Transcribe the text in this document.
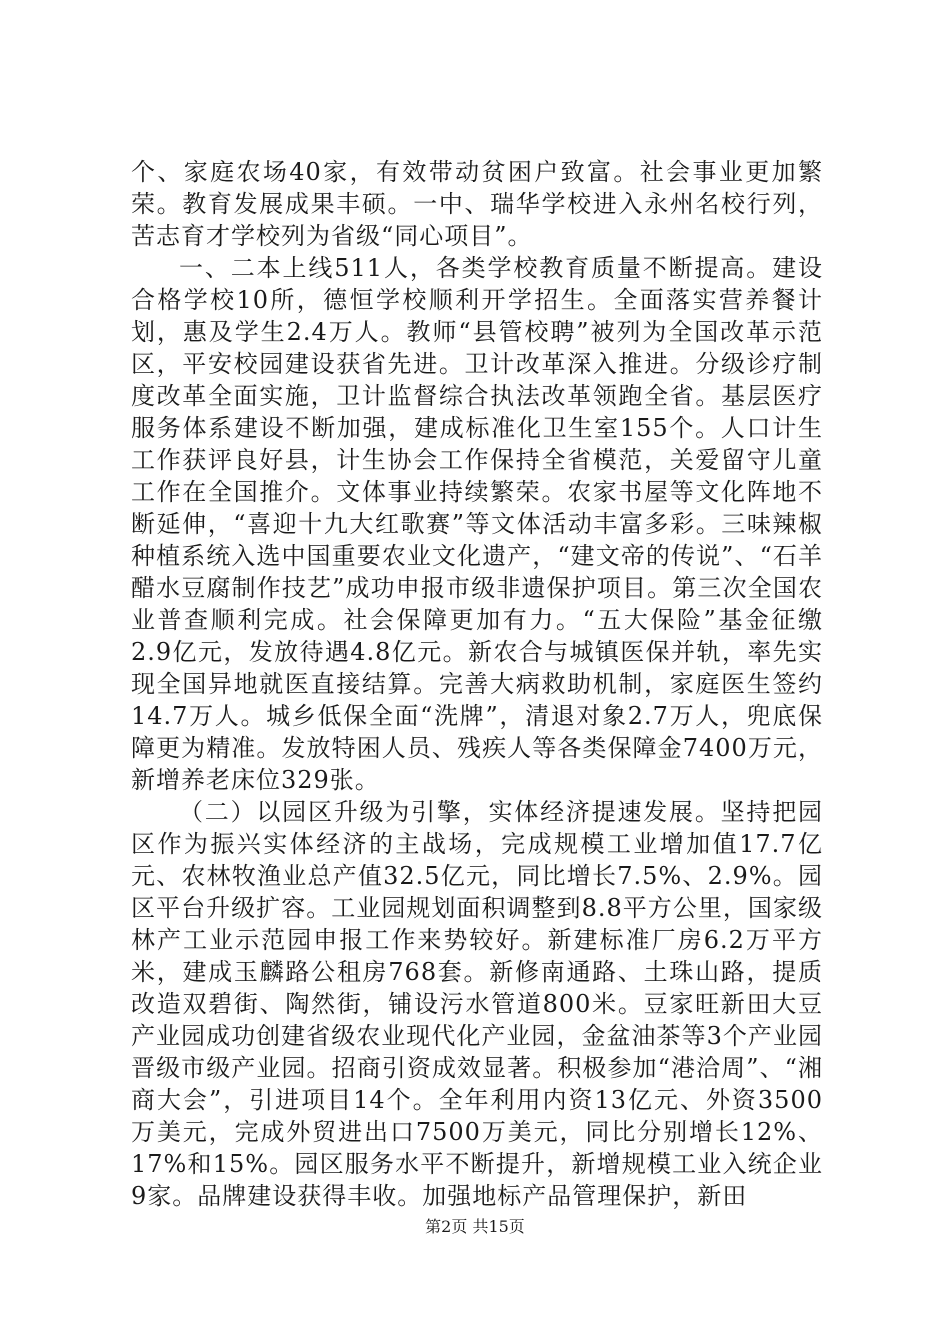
个、家庭农场40家，有效带动贫困户致富。社会事业更加繁荣。教育发展成果丰硕。一中、瑞华学校进入永州名校行列，苦志育才学校列为省级“同心项目”。

一、二本上线511人，各类学校教育质量不断提高。建设合格学校10所，德恒学校顺利开学招生。全面落实营养餐计划，惠及学生2.4万人。教师“县管校聘”被列为全国改革示范区，平安校园建设获省先进。卫计改革深入推进。分级诊疗制度改革全面实施，卫计监督综合执法改革领跑全省。基层医疗服务体系建设不断加强，建成标准化卫生室155个。人口计生工作获评良好县，计生协会工作保持全省模范，关爱留守儿童工作在全国推介。文体事业持续繁荣。农家书屋等文化阵地不断延伸，“喜迎十九大红歌赛”等文体活动丰富多彩。三味辣椒种植系统入选中国重要农业文化遗产，“建文帝的传说”、“石羊醋水豆腐制作技艺”成功申报市级非遗保护项目。第三次全国农业普查顺利完成。社会保障更加有力。“五大保险”基金征缴2.9亿元，发放待遇4.8亿元。新农合与城镇医保并轨，率先实现全国异地就医直接结算。完善大病救助机制，家庭医生签约14.7万人。城乡低保全面“洗牌”，清退对象2.7万人，兜底保障更为精准。发放特困人员、残疾人等各类保障金7400万元，新增养老床位329张。

（二）以园区升级为引擎，实体经济提速发展。坚持把园区作为振兴实体经济的主战场，完成规模工业增加值17.7亿元、农林牧渔业总产值32.5亿元，同比增长7.5%、2.9%。园区平台升级扩容。工业园规划面积调整到8.8平方公里，国家级林产工业示范园申报工作来势较好。新建标准厂房6.2万平方米，建成玉麟路公租房768套。新修南通路、土珠山路，提质改造双碧街、陶然街，铺设污水管道800米。豆家旺新田大豆产业园成功创建省级农业现代化产业园，金盆油茶等3个产业园晋级市级产业园。招商引资成效显著。积极参加“港洽周”、“湘商大会”，引进项目14个。全年利用内资13亿元、外资3500万美元，完成外贸进出口7500万美元，同比分别增长12%、17%和15%。园区服务水平不断提升，新增规模工业入统企业9家。品牌建设获得丰收。加强地标产品管理保护，新田

第2页 共15页
